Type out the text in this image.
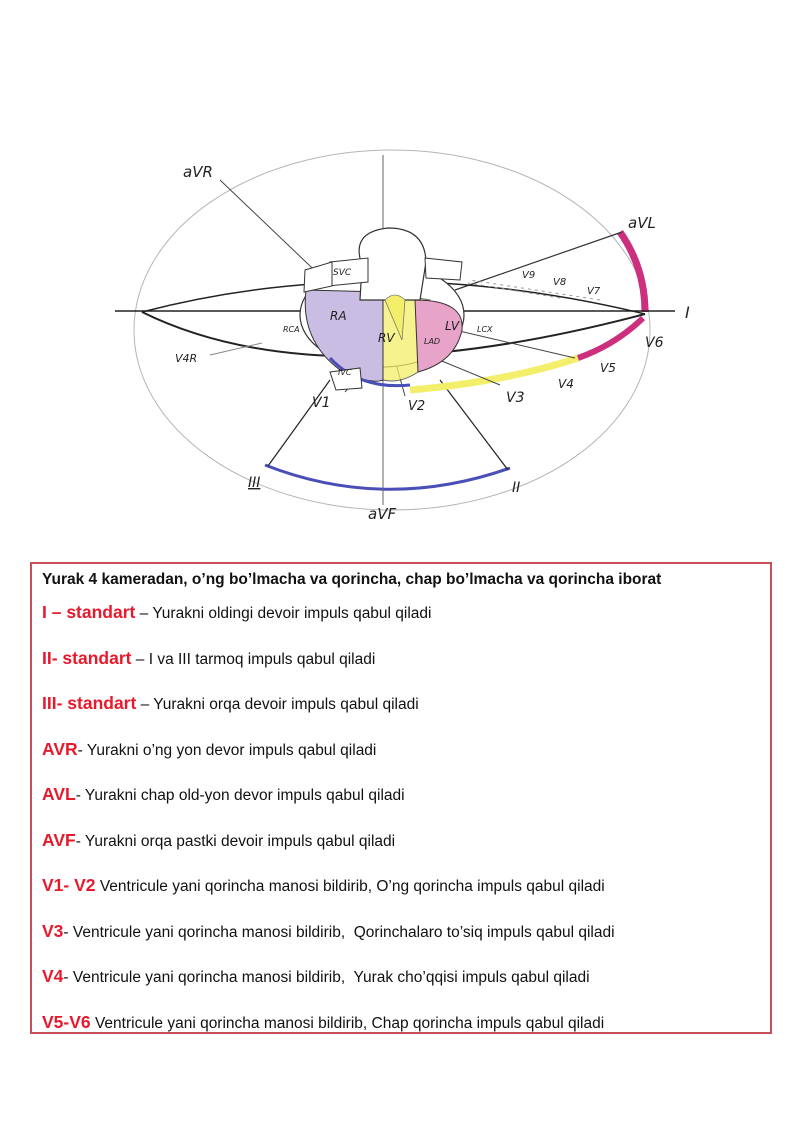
aVR
aVL
I
V6
V5
V4
V3
V2
V1
V4R
V9
V8
V7
III	II
aVF
SVC
RA
RCA
RV
LV
LAD
LCX
IVC

Yurak 4 kameradan, o’ng bo’lmacha va qorincha, chap bo’lmacha va qorincha iborat

I – standart – Yurakni oldingi devoir impuls qabul qiladi
II- standart – I va III tarmoq impuls qabul qiladi
III- standart – Yurakni orqa devoir impuls qabul qiladi
AVR- Yurakni o’ng yon devor impuls qabul qiladi
AVL- Yurakni chap old-yon devor impuls qabul qiladi
AVF- Yurakni orqa pastki devoir impuls qabul qiladi
V1- V2 Ventricule yani qorincha manosi bildirib, O’ng qorincha impuls qabul qiladi
V3- Ventricule yani qorincha manosi bildirib,  Qorinchalaro to’siq impuls qabul qiladi
V4- Ventricule yani qorincha manosi bildirib,  Yurak cho’qqisi impuls qabul qiladi
V5-V6 Ventricule yani qorincha manosi bildirib, Chap qorincha impuls qabul qiladi
